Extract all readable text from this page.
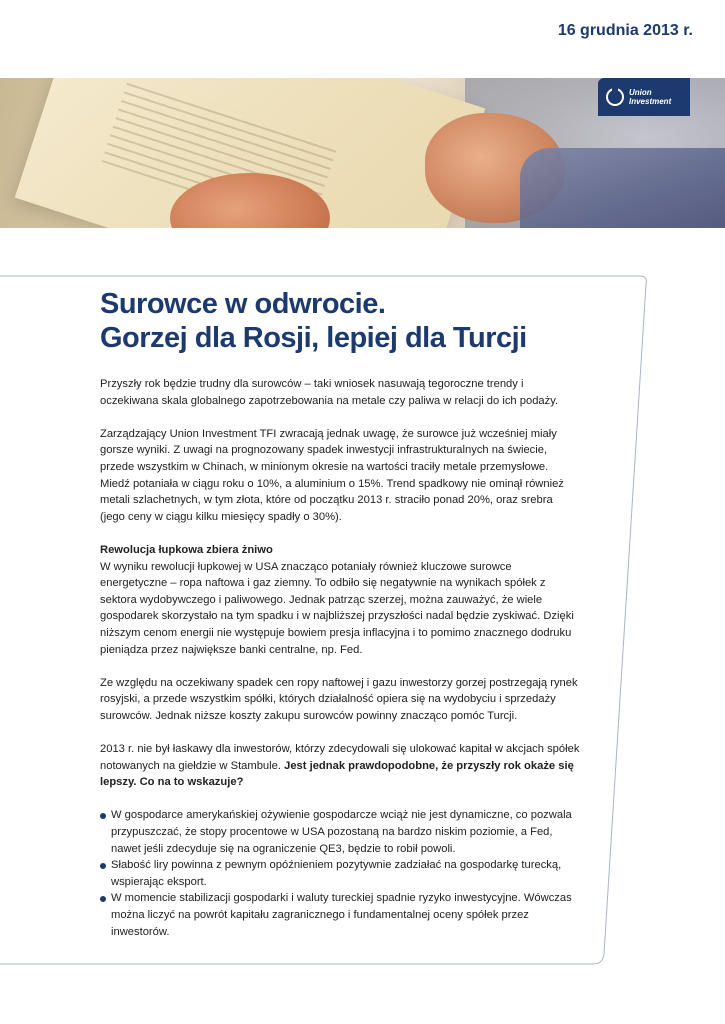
16 grudnia 2013 r.
Union
Investment
Surowce w odwrocie.
Gorzej dla Rosji, lepiej dla Turcji

Przyszły rok będzie trudny dla surowców – taki wniosek nasuwają tegoroczne trendy i oczekiwana skala globalnego zapotrzebowania na metale czy paliwa w relacji do ich podaży.

Zarządzający Union Investment TFI zwracają jednak uwagę, że surowce już wcześniej miały gorsze wyniki. Z uwagi na prognozowany spadek inwestycji infrastrukturalnych na świecie, przede wszystkim w Chinach, w minionym okresie na wartości traciły metale przemysłowe. Miedź potaniała w ciągu roku o 10%, a aluminium o 15%. Trend spadkowy nie ominął również metali szlachetnych, w tym złota, które od początku 2013 r. straciło ponad 20%, oraz srebra (jego ceny w ciągu kilku miesięcy spadły o 30%).

Rewolucja łupkowa zbiera żniwo

W wyniku rewolucji łupkowej w USA znacząco potaniały również kluczowe surowce energetyczne – ropa naftowa i gaz ziemny. To odbiło się negatywnie na wynikach spółek z sektora wydobywczego i paliwowego. Jednak patrząc szerzej, można zauważyć, że wiele gospodarek skorzystało na tym spadku i w najbliższej przyszłości nadal będzie zyskiwać. Dzięki niższym cenom energii nie występuje bowiem presja inflacyjna i to pomimo znacznego dodruku pieniądza przez największe banki centralne, np. Fed.

Ze względu na oczekiwany spadek cen ropy naftowej i gazu inwestorzy gorzej postrzegają rynek rosyjski, a przede wszystkim spółki, których działalność opiera się na wydobyciu i sprzedaży surowców. Jednak niższe koszty zakupu surowców powinny znacząco pomóc Turcji.

2013 r. nie był łaskawy dla inwestorów, którzy zdecydowali się ulokować kapitał w akcjach spółek notowanych na giełdzie w Stambule. Jest jednak prawdopodobne, że przyszły rok okaże się lepszy. Co na to wskazuje?

W gospodarce amerykańskiej ożywienie gospodarcze wciąż nie jest dynamiczne, co pozwala przypuszczać, że stopy procentowe w USA pozostaną na bardzo niskim poziomie, a Fed, nawet jeśli zdecyduje się na ograniczenie QE3, będzie to robił powoli.
Słabość liry powinna z pewnym opóźnieniem pozytywnie zadziałać na gospodarkę turecką, wspierając eksport.
W momencie stabilizacji gospodarki i waluty tureckiej spadnie ryzyko inwestycyjne. Wówczas można liczyć na powrót kapitału zagranicznego i fundamentalnej oceny spółek przez inwestorów.
